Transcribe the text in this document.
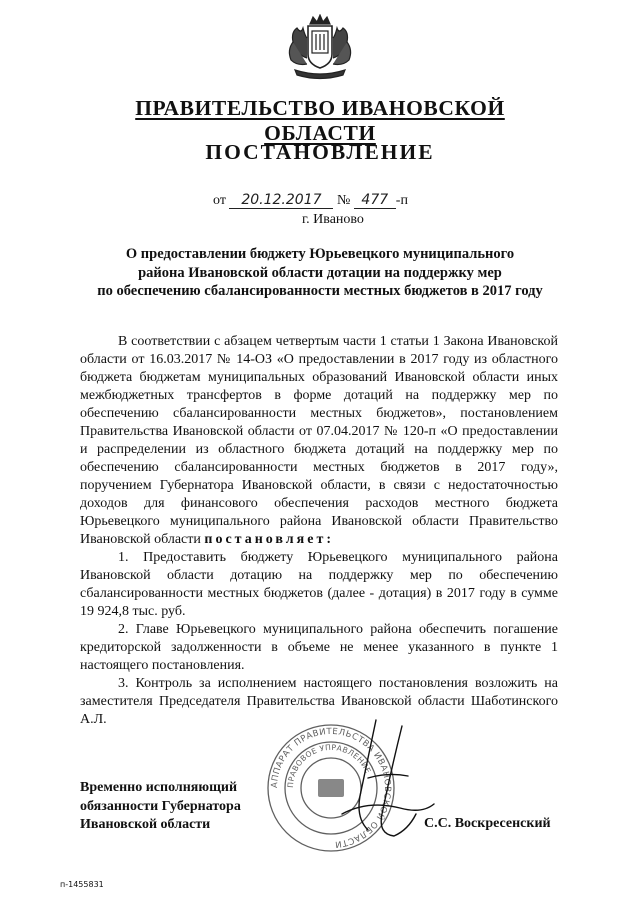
ПРАВИТЕЛЬСТВО ИВАНОВСКОЙ ОБЛАСТИ
ПОСТАНОВЛЕНИЕ
от 20.12.2017 № 477 -п
г. Иваново
О предоставлении бюджету Юрьевецкого муниципального
района Ивановской области дотации на поддержку мер
по обеспечению сбалансированности местных бюджетов в 2017 году

В соответствии с абзацем четвертым части 1 статьи 1 Закона Ивановской области от 16.03.2017 № 14-ОЗ «О предоставлении в 2017 году из областного бюджета бюджетам муниципальных образований Ивановской области иных межбюджетных трансфертов в форме дотаций на поддержку мер по обеспечению сбалансированности местных бюджетов», постановлением Правительства Ивановской области от 07.04.2017 № 120-п «О предоставлении и распределении из областного бюджета дотаций на поддержку мер по обеспечению сбалансированности местных бюджетов в 2017 году», поручением Губернатора Ивановской области, в связи с недостаточностью доходов для финансового обеспечения расходов местного бюджета Юрьевецкого муниципального района Ивановской области Правительство Ивановской области постановляет:

1. Предоставить бюджету Юрьевецкого муниципального района Ивановской области дотацию на поддержку мер по обеспечению сбалансированности местных бюджетов (далее - дотация) в 2017 году в сумме 19 924,8 тыс. руб.

2. Главе Юрьевецкого муниципального района обеспечить погашение кредиторской задолженности в объеме не менее указанного в пункте 1 настоящего постановления.

3. Контроль за исполнением настоящего постановления возложить на заместителя Председателя Правительства Ивановской области Шаботинского А.Л.

Временно исполняющий
обязанности Губернатора
Ивановской области
АППАРАТ ПРАВИТЕЛЬСТВА ИВАНОВСКОЙ ОБЛАСТИ
ПРАВОВОЕ УПРАВЛЕНИЕ
С.С. Воскресенский
п-1455831
